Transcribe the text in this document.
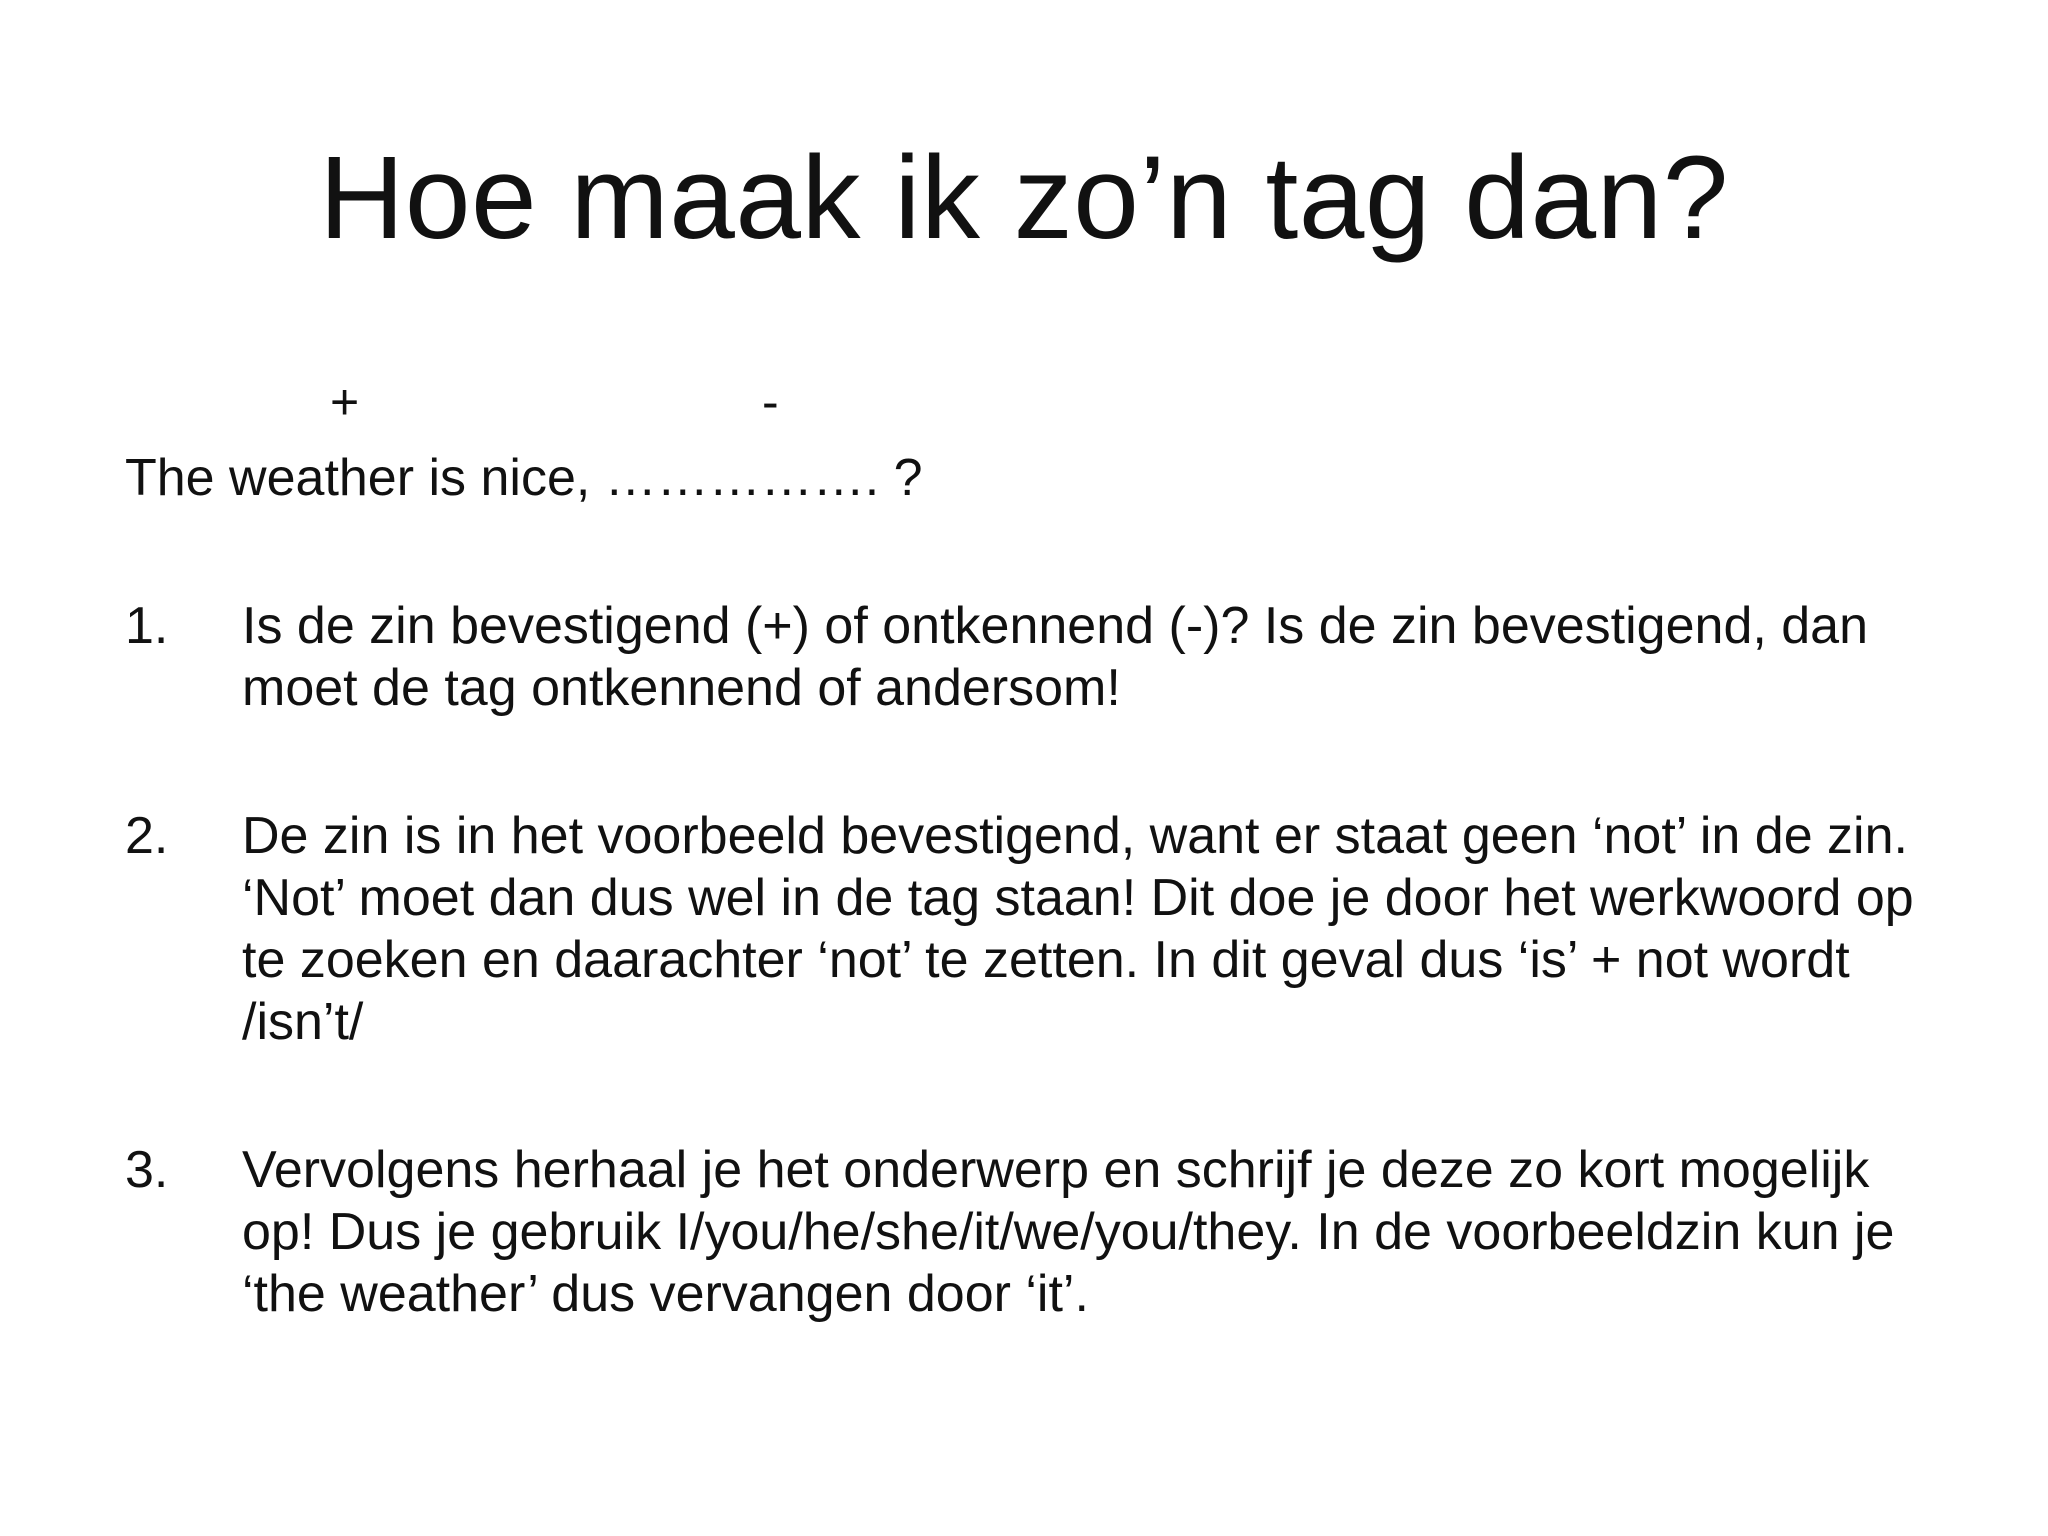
Hoe maak ik zo’n tag dan?
+	-
The weather is nice, ……………. ?
1. Is de zin bevestigend (+) of ontkennend (-)? Is de zin bevestigend, dan moet de tag ontkennend of andersom!
2. De zin is in het voorbeeld bevestigend, want er staat geen ‘not’ in de zin. ‘Not’ moet dan dus wel in de tag staan! Dit doe je door het werkwoord op te zoeken en daarachter ‘not’ te zetten. In dit geval dus ‘is’ + not wordt /isn’t/
3. Vervolgens herhaal je het onderwerp en schrijf je deze zo kort mogelijk op! Dus je gebruik I/you/he/she/it/we/you/they. In de voorbeeldzin kun je ‘the weather’ dus vervangen door ‘it’.
